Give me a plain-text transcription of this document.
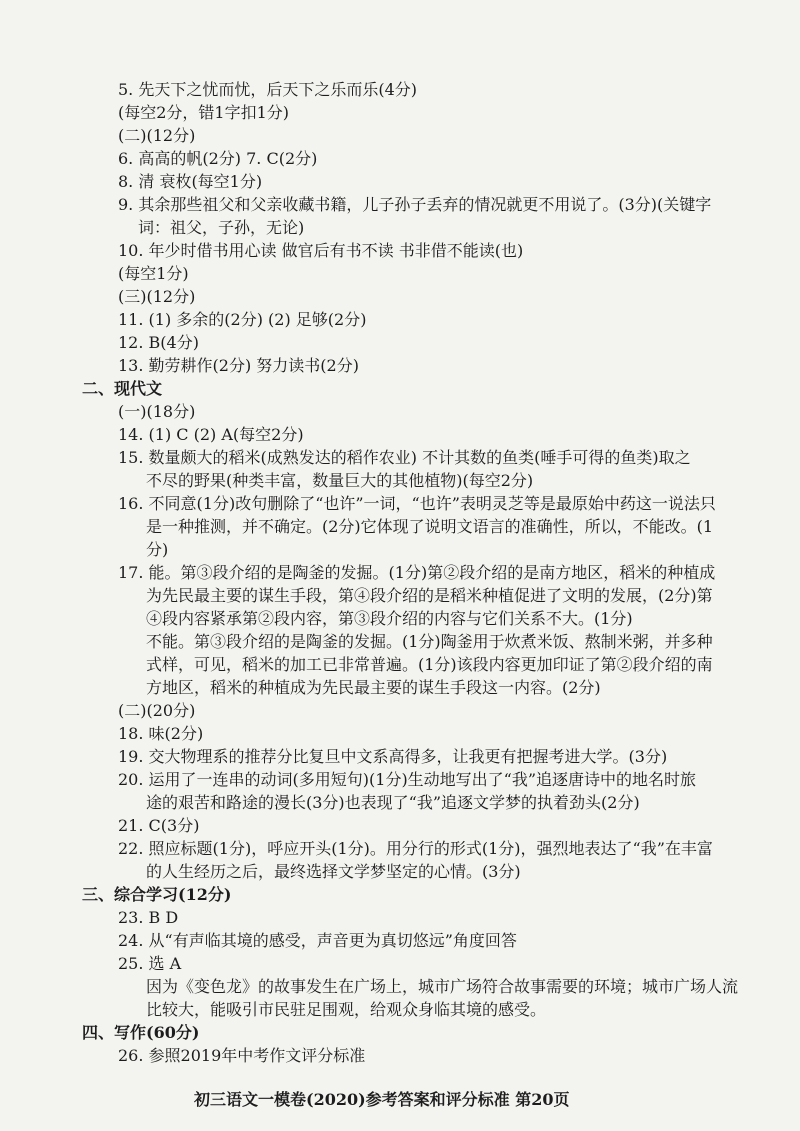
5. 先天下之忧而忧，后天下之乐而乐(4分)
(每空2分，错1字扣1分)
(二)(12分)
6. 高高的帆(2分) 7. C(2分)
8. 清 衰枚(每空1分)
9. 其余那些祖父和父亲收藏书籍，儿子孙子丢弃的情况就更不用说了。(3分)(关键字
词：祖父，子孙，无论)
10. 年少时借书用心读 做官后有书不读 书非借不能读(也)
(每空1分)
(三)(12分)
11. (1) 多余的(2分) (2) 足够(2分)
12. B(4分)
13. 勤劳耕作(2分) 努力读书(2分)
二、现代文
(一)(18分)
14. (1) C (2) A(每空2分)
15. 数量颇大的稻米(成熟发达的稻作农业) 不计其数的鱼类(唾手可得的鱼类)取之
不尽的野果(种类丰富，数量巨大的其他植物)(每空2分)
16. 不同意(1分)改句删除了“也许”一词，“也许”表明灵芝等是最原始中药这一说法只
是一种推测，并不确定。(2分)它体现了说明文语言的准确性，所以，不能改。(1
分)
17. 能。第③段介绍的是陶釜的发掘。(1分)第②段介绍的是南方地区，稻米的种植成
为先民最主要的谋生手段，第④段介绍的是稻米种植促进了文明的发展，(2分)第
④段内容紧承第②段内容，第③段介绍的内容与它们关系不大。(1分)
不能。第③段介绍的是陶釜的发掘。(1分)陶釜用于炊煮米饭、熬制米粥，并多种
式样，可见，稻米的加工已非常普遍。(1分)该段内容更加印证了第②段介绍的南
方地区，稻米的种植成为先民最主要的谋生手段这一内容。(2分)
(二)(20分)
18. 味(2分)
19. 交大物理系的推荐分比复旦中文系高得多，让我更有把握考进大学。(3分)
20. 运用了一连串的动词(多用短句)(1分)生动地写出了“我”追逐唐诗中的地名时旅
途的艰苦和路途的漫长(3分)也表现了“我”追逐文学梦的执着劲头(2分)
21. C(3分)
22. 照应标题(1分)，呼应开头(1分)。用分行的形式(1分)，强烈地表达了“我”在丰富
的人生经历之后，最终选择文学梦坚定的心情。(3分)
三、综合学习(12分)
23. B D
24. 从“有声临其境的感受，声音更为真切悠远”角度回答
25. 选 A
因为《变色龙》的故事发生在广场上，城市广场符合故事需要的环境；城市广场人流
比较大，能吸引市民驻足围观，给观众身临其境的感受。
四、写作(60分)
26. 参照2019年中考作文评分标准
初三语文一模卷(2020)参考答案和评分标准 第20页
